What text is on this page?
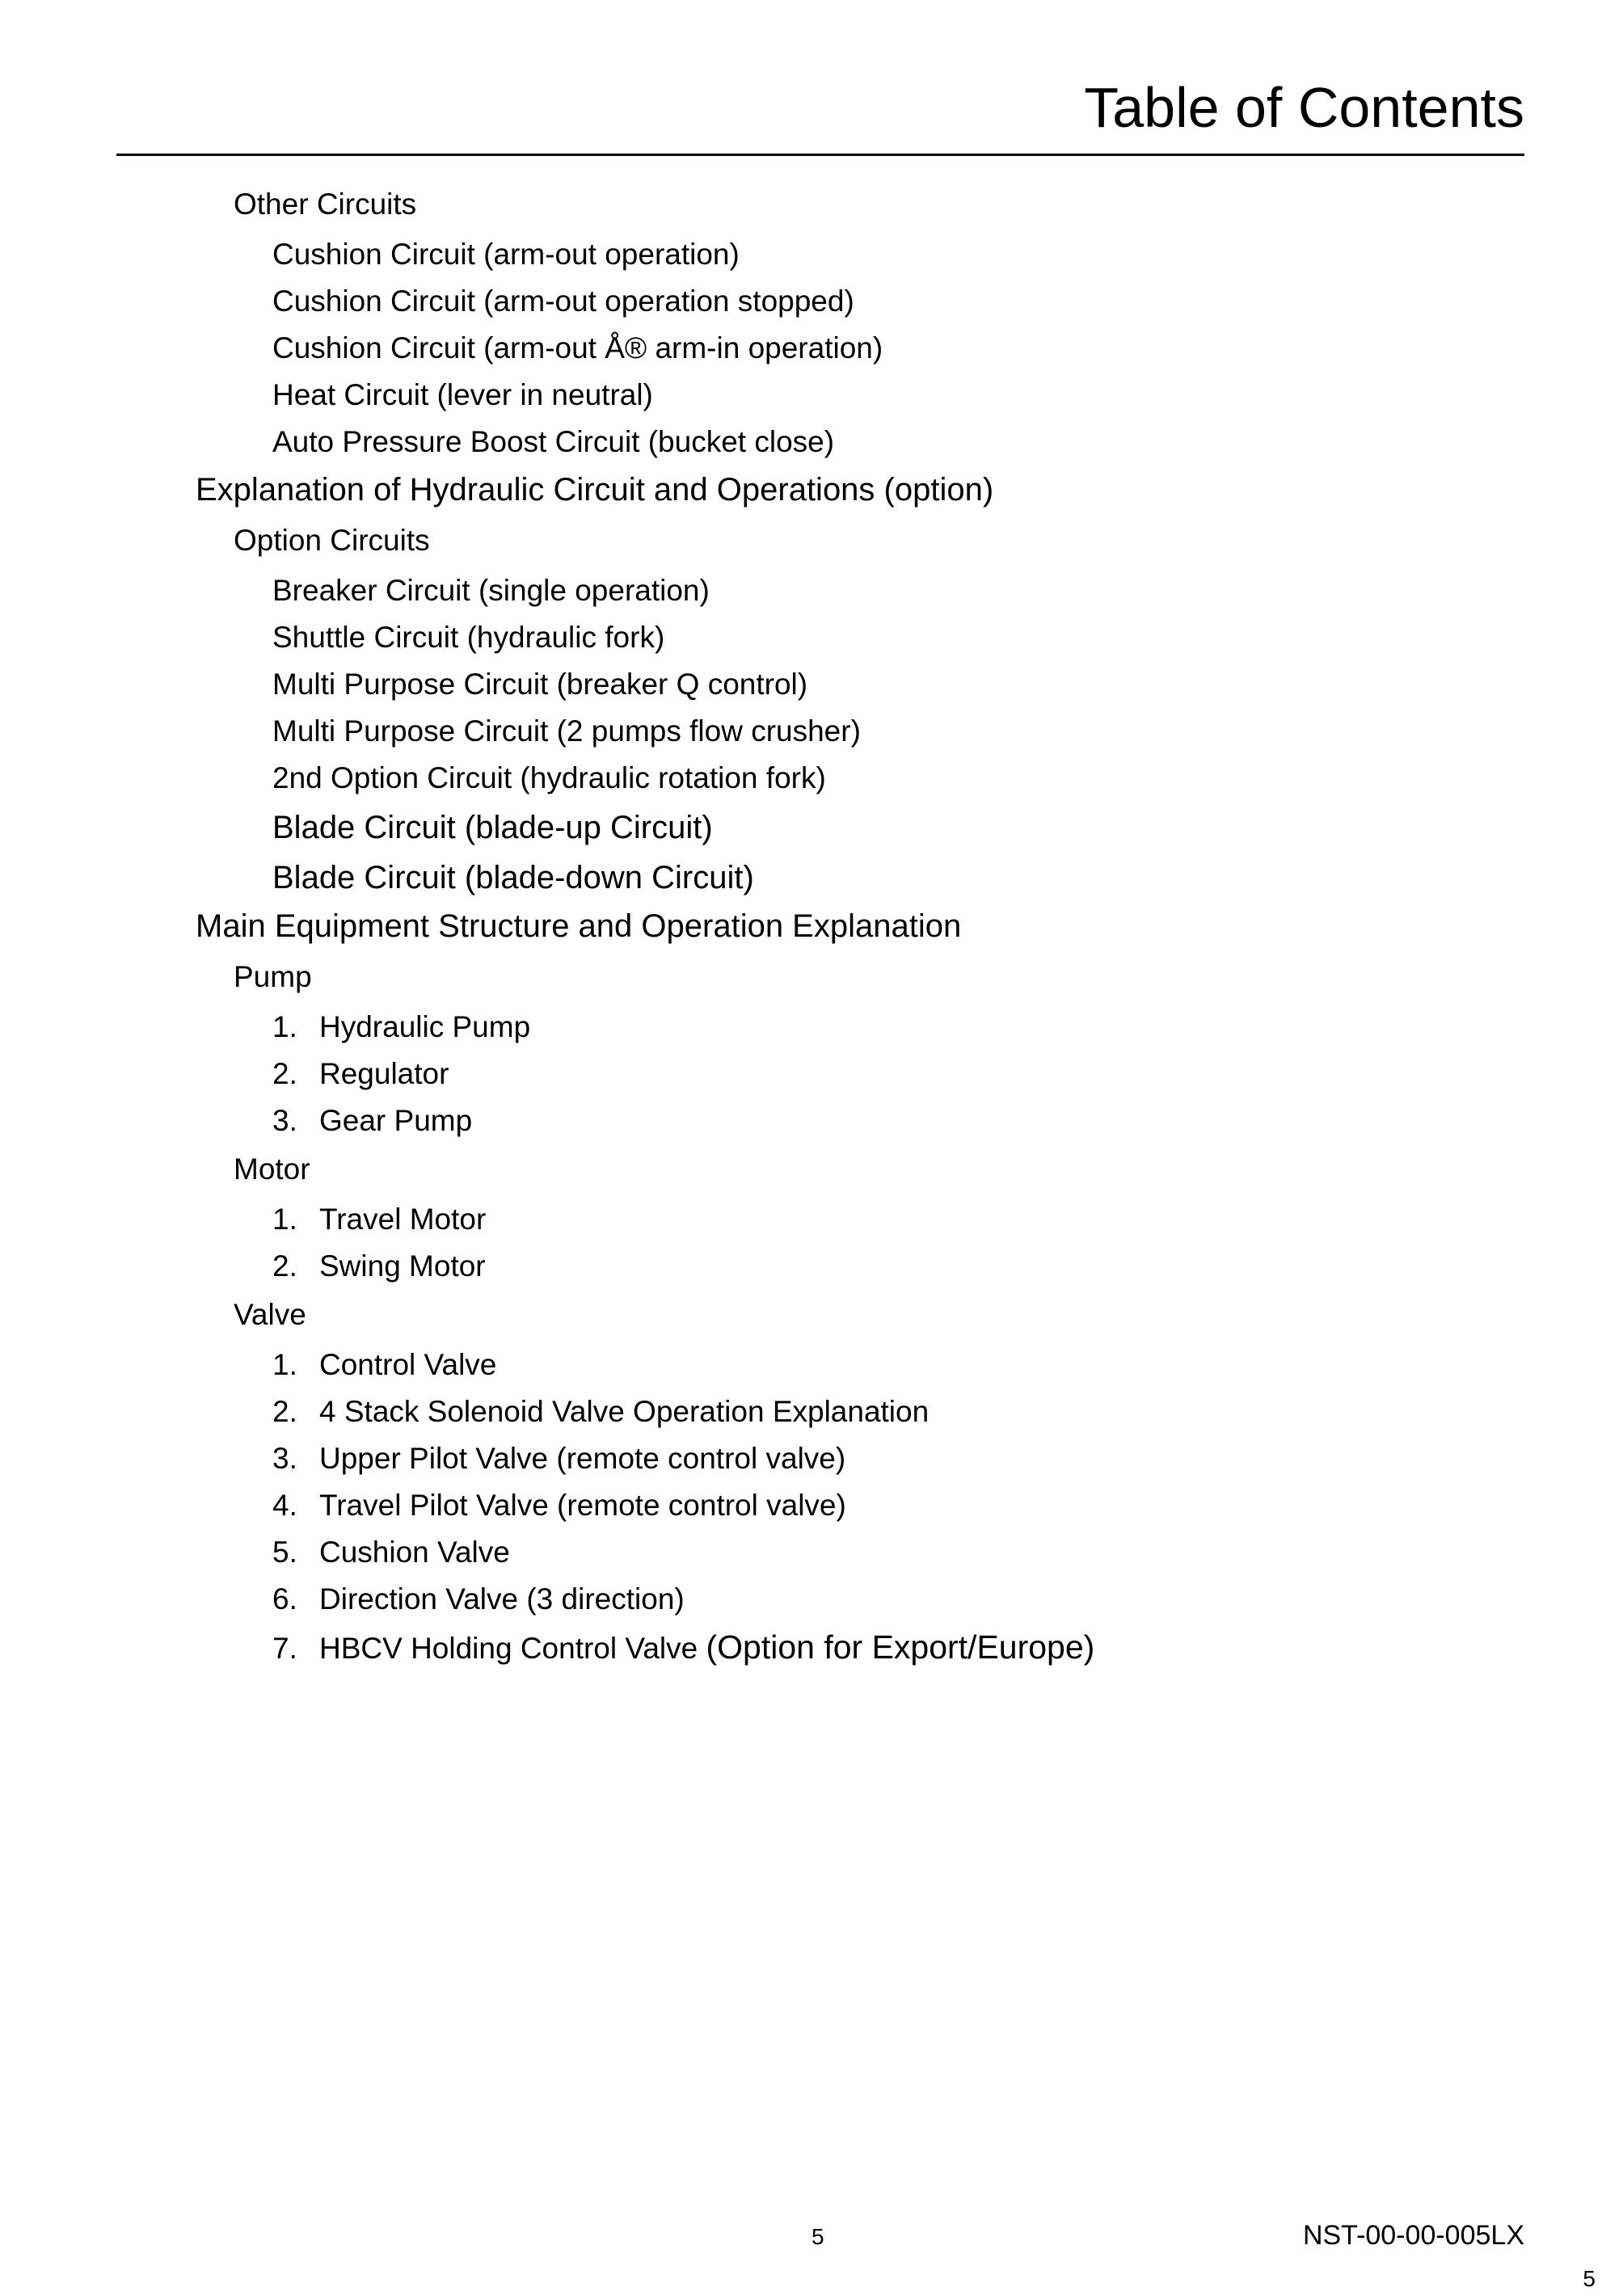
Table of Contents
Other Circuits
Cushion Circuit (arm-out operation)
Cushion Circuit (arm-out operation stopped)
Cushion Circuit (arm-out Å® arm-in operation)
Heat Circuit (lever in neutral)
Auto Pressure Boost Circuit (bucket close)
Explanation of Hydraulic Circuit and Operations (option)
Option Circuits
Breaker Circuit (single operation)
Shuttle Circuit (hydraulic fork)
Multi Purpose Circuit (breaker Q control)
Multi Purpose Circuit (2 pumps flow crusher)
2nd Option Circuit (hydraulic rotation fork)
Blade Circuit (blade-up Circuit)
Blade Circuit (blade-down Circuit)
Main Equipment Structure and Operation Explanation
Pump
1. Hydraulic Pump
2. Regulator
3. Gear Pump
Motor
1. Travel Motor
2. Swing Motor
Valve
1. Control Valve
2. 4 Stack Solenoid Valve Operation Explanation
3. Upper Pilot Valve (remote control valve)
4. Travel Pilot Valve (remote control valve)
5. Cushion Valve
6. Direction Valve (3 direction)
7. HBCV Holding Control Valve (Option for Export/Europe)
5	NST-00-00-005LX
5
